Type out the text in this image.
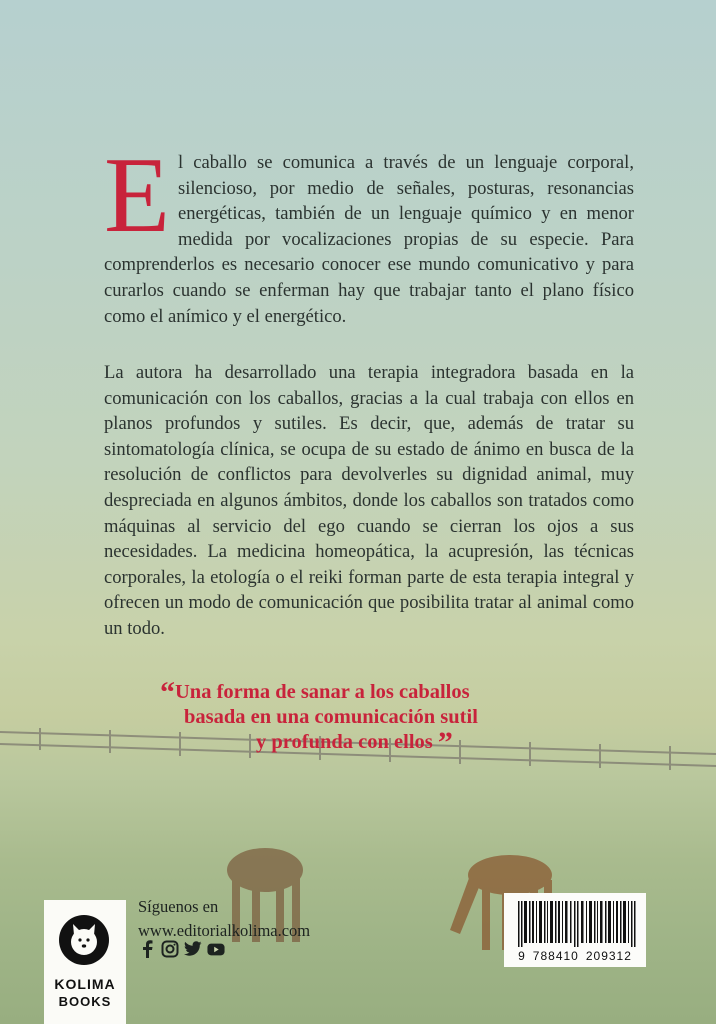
El caballo se comunica a través de un lenguaje corporal, silencioso, por medio de señales, posturas, resonancias energéticas, también de un lenguaje químico y en menor medida por vocalizaciones propias de su especie. Para comprenderlos es necesario conocer ese mundo comunicativo y para curarlos cuando se enferman hay que trabajar tanto el plano físico como el anímico y el energético.
La autora ha desarrollado una terapia integradora basada en la comunicación con los caballos, gracias a la cual trabaja con ellos en planos profundos y sutiles. Es decir, que, además de tratar su sintomatología clínica, se ocupa de su estado de ánimo en busca de la resolución de conflictos para devolverles su dignidad animal, muy despreciada en algunos ámbitos, donde los caballos son tratados como máquinas al servicio del ego cuando se cierran los ojos a sus necesidades. La medicina homeopática, la acupresión, las técnicas corporales, la etología o el reiki forman parte de esta terapia integral y ofrecen un modo de comunicación que posibilita tratar al animal como un todo.
“Una forma de sanar a los caballos
basada en una comunicación sutil
y profunda con ellos ”
KOLIMA
BOOKS
Síguenos en
www.editorialkolima.com
9 788410 209312
